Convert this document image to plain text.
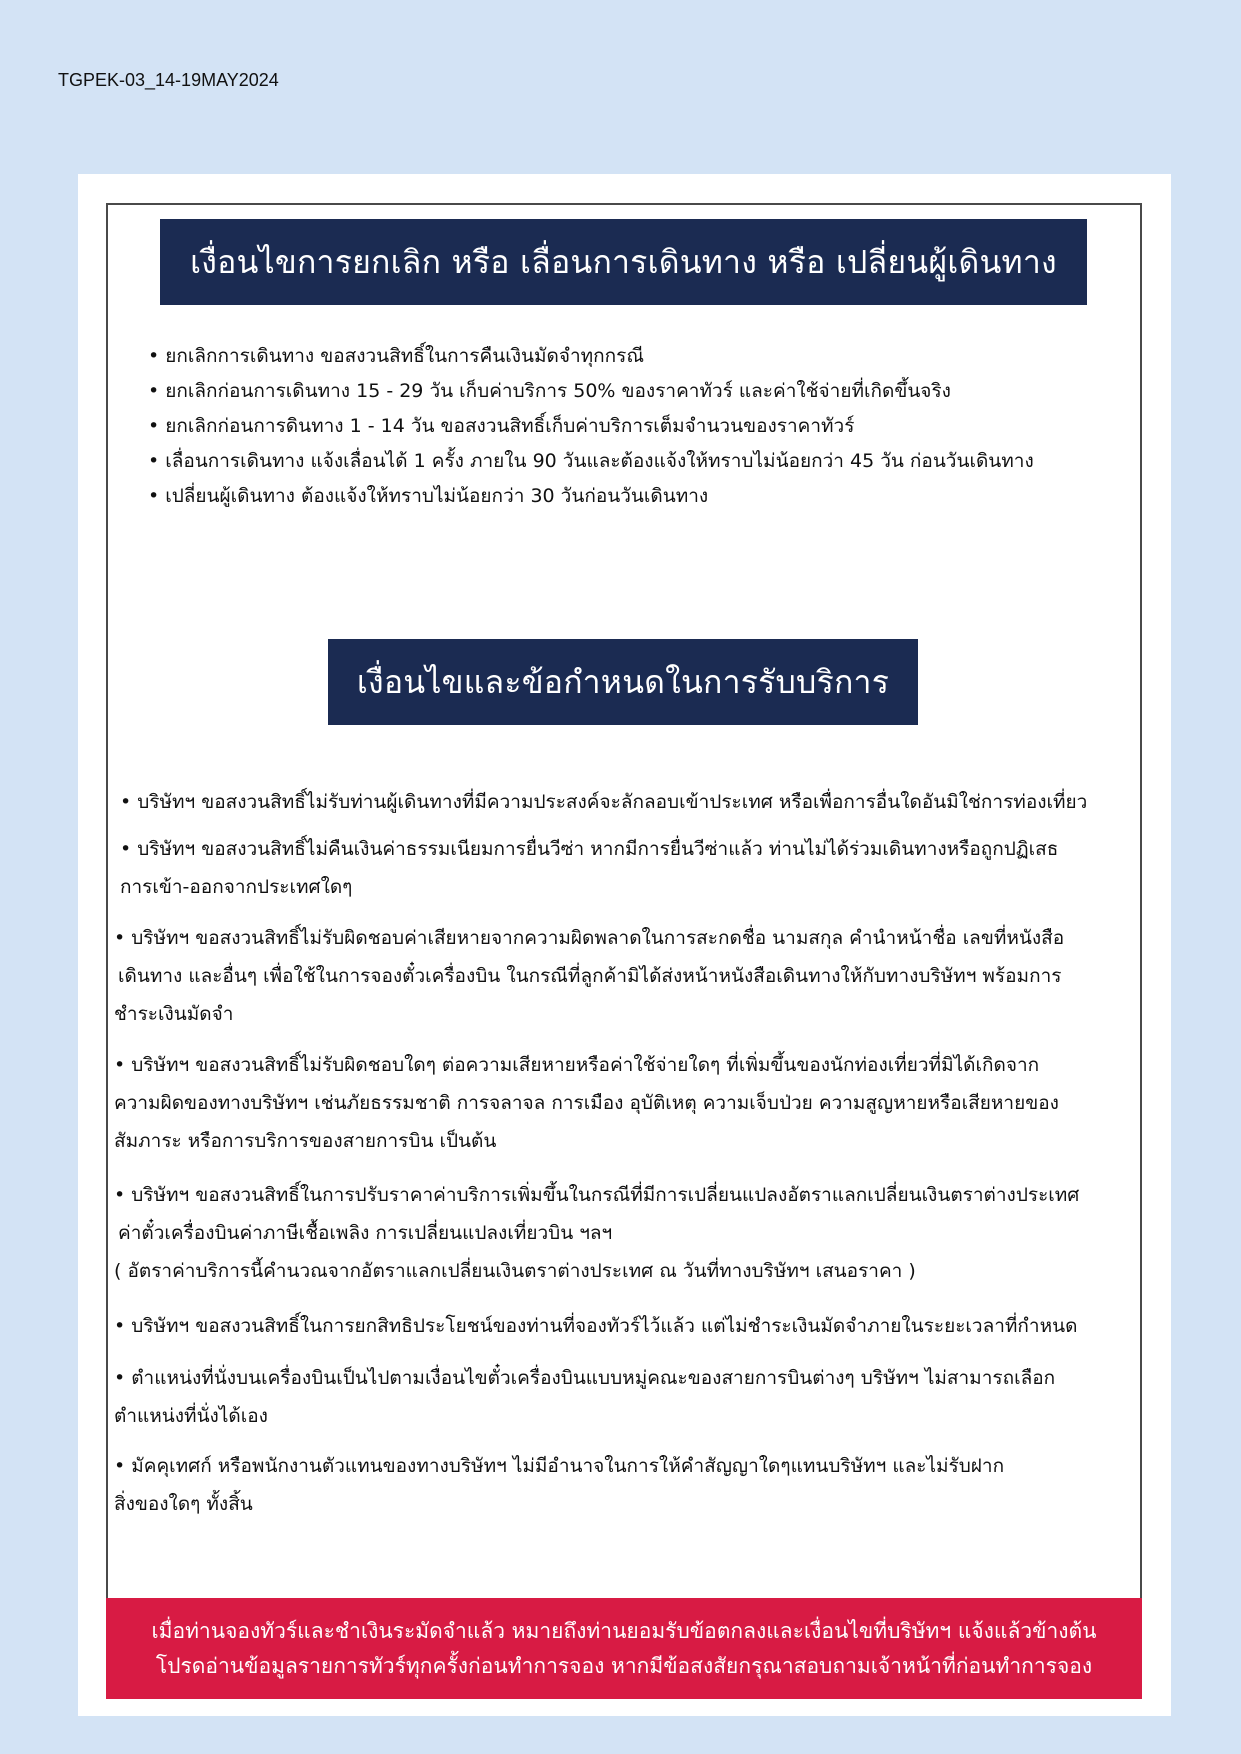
TGPEK-03_14-19MAY2024
เงื่อนไขการยกเลิก หรือ เลื่อนการเดินทาง หรือ เปลี่ยนผู้เดินทาง
• ยกเลิกการเดินทาง ขอสงวนสิทธิ์ในการคืนเงินมัดจำทุกกรณี
• ยกเลิกก่อนการเดินทาง 15 - 29 วัน เก็บค่าบริการ 50% ของราคาทัวร์ และค่าใช้จ่ายที่เกิดขึ้นจริง
• ยกเลิกก่อนการดินทาง 1 - 14 วัน ขอสงวนสิทธิ์เก็บค่าบริการเต็มจำนวนของราคาทัวร์
• เลื่อนการเดินทาง แจ้งเลื่อนได้ 1 ครั้ง ภายใน 90 วันและต้องแจ้งให้ทราบไม่น้อยกว่า 45 วัน ก่อนวันเดินทาง
• เปลี่ยนผู้เดินทาง ต้องแจ้งให้ทราบไม่น้อยกว่า 30 วันก่อนวันเดินทาง
เงื่อนไขและข้อกำหนดในการรับบริการ

• บริษัทฯ ขอสงวนสิทธิ์ไม่รับท่านผู้เดินทางที่มีความประสงค์จะลักลอบเข้าประเทศ หรือเพื่อการอื่นใดอันมิใช่การท่องเที่ยว

• บริษัทฯ ขอสงวนสิทธิ์ไม่คืนเงินค่าธรรมเนียมการยื่นวีซ่า หากมีการยื่นวีซ่าแล้ว ท่านไม่ได้ร่วมเดินทางหรือถูกปฏิเสธ

การเข้า-ออกจากประเทศใดๆ

• บริษัทฯ ขอสงวนสิทธิ์ไม่รับผิดชอบค่าเสียหายจากความผิดพลาดในการสะกดชื่อ นามสกุล คำนำหน้าชื่อ เลขที่หนังสือ

เดินทาง และอื่นๆ เพื่อใช้ในการจองตั๋วเครื่องบิน ในกรณีที่ลูกค้ามิได้ส่งหน้าหนังสือเดินทางให้กับทางบริษัทฯ พร้อมการ

ชำระเงินมัดจำ

• บริษัทฯ ขอสงวนสิทธิ์ไม่รับผิดชอบใดๆ ต่อความเสียหายหรือค่าใช้จ่ายใดๆ ที่เพิ่มขึ้นของนักท่องเที่ยวที่มิได้เกิดจาก

ความผิดของทางบริษัทฯ เช่นภัยธรรมชาติ การจลาจล การเมือง อุบัติเหตุ ความเจ็บป่วย ความสูญหายหรือเสียหายของ

สัมภาระ หรือการบริการของสายการบิน เป็นต้น

• บริษัทฯ ขอสงวนสิทธิ์ในการปรับราคาค่าบริการเพิ่มขึ้นในกรณีที่มีการเปลี่ยนแปลงอัตราแลกเปลี่ยนเงินตราต่างประเทศ

ค่าตั๋วเครื่องบินค่าภาษีเชื้อเพลิง การเปลี่ยนแปลงเที่ยวบิน ฯลฯ

( อัตราค่าบริการนี้คำนวณจากอัตราแลกเปลี่ยนเงินตราต่างประเทศ ณ วันที่ทางบริษัทฯ เสนอราคา )

• บริษัทฯ ขอสงวนสิทธิ์ในการยกสิทธิประโยชน์ของท่านที่จองทัวร์ไว้แล้ว แต่ไม่ชำระเงินมัดจำภายในระยะเวลาที่กำหนด

• ตำแหน่งที่นั่งบนเครื่องบินเป็นไปตามเงื่อนไขตั๋วเครื่องบินแบบหมู่คณะของสายการบินต่างๆ บริษัทฯ ไม่สามารถเลือก

ตำแหน่งที่นั่งได้เอง

• มัคคุเทศก์ หรือพนักงานตัวแทนของทางบริษัทฯ ไม่มีอำนาจในการให้คำสัญญาใดๆแทนบริษัทฯ และไม่รับฝาก

สิ่งของใดๆ ทั้งสิ้น

เมื่อท่านจองทัวร์และชำเงินระมัดจำแล้ว หมายถึงท่านยอมรับข้อตกลงและเงื่อนไขที่บริษัทฯ แจ้งแล้วข้างต้น
โปรดอ่านข้อมูลรายการทัวร์ทุกครั้งก่อนทำการจอง หากมีข้อสงสัยกรุณาสอบถามเจ้าหน้าที่ก่อนทำการจอง
